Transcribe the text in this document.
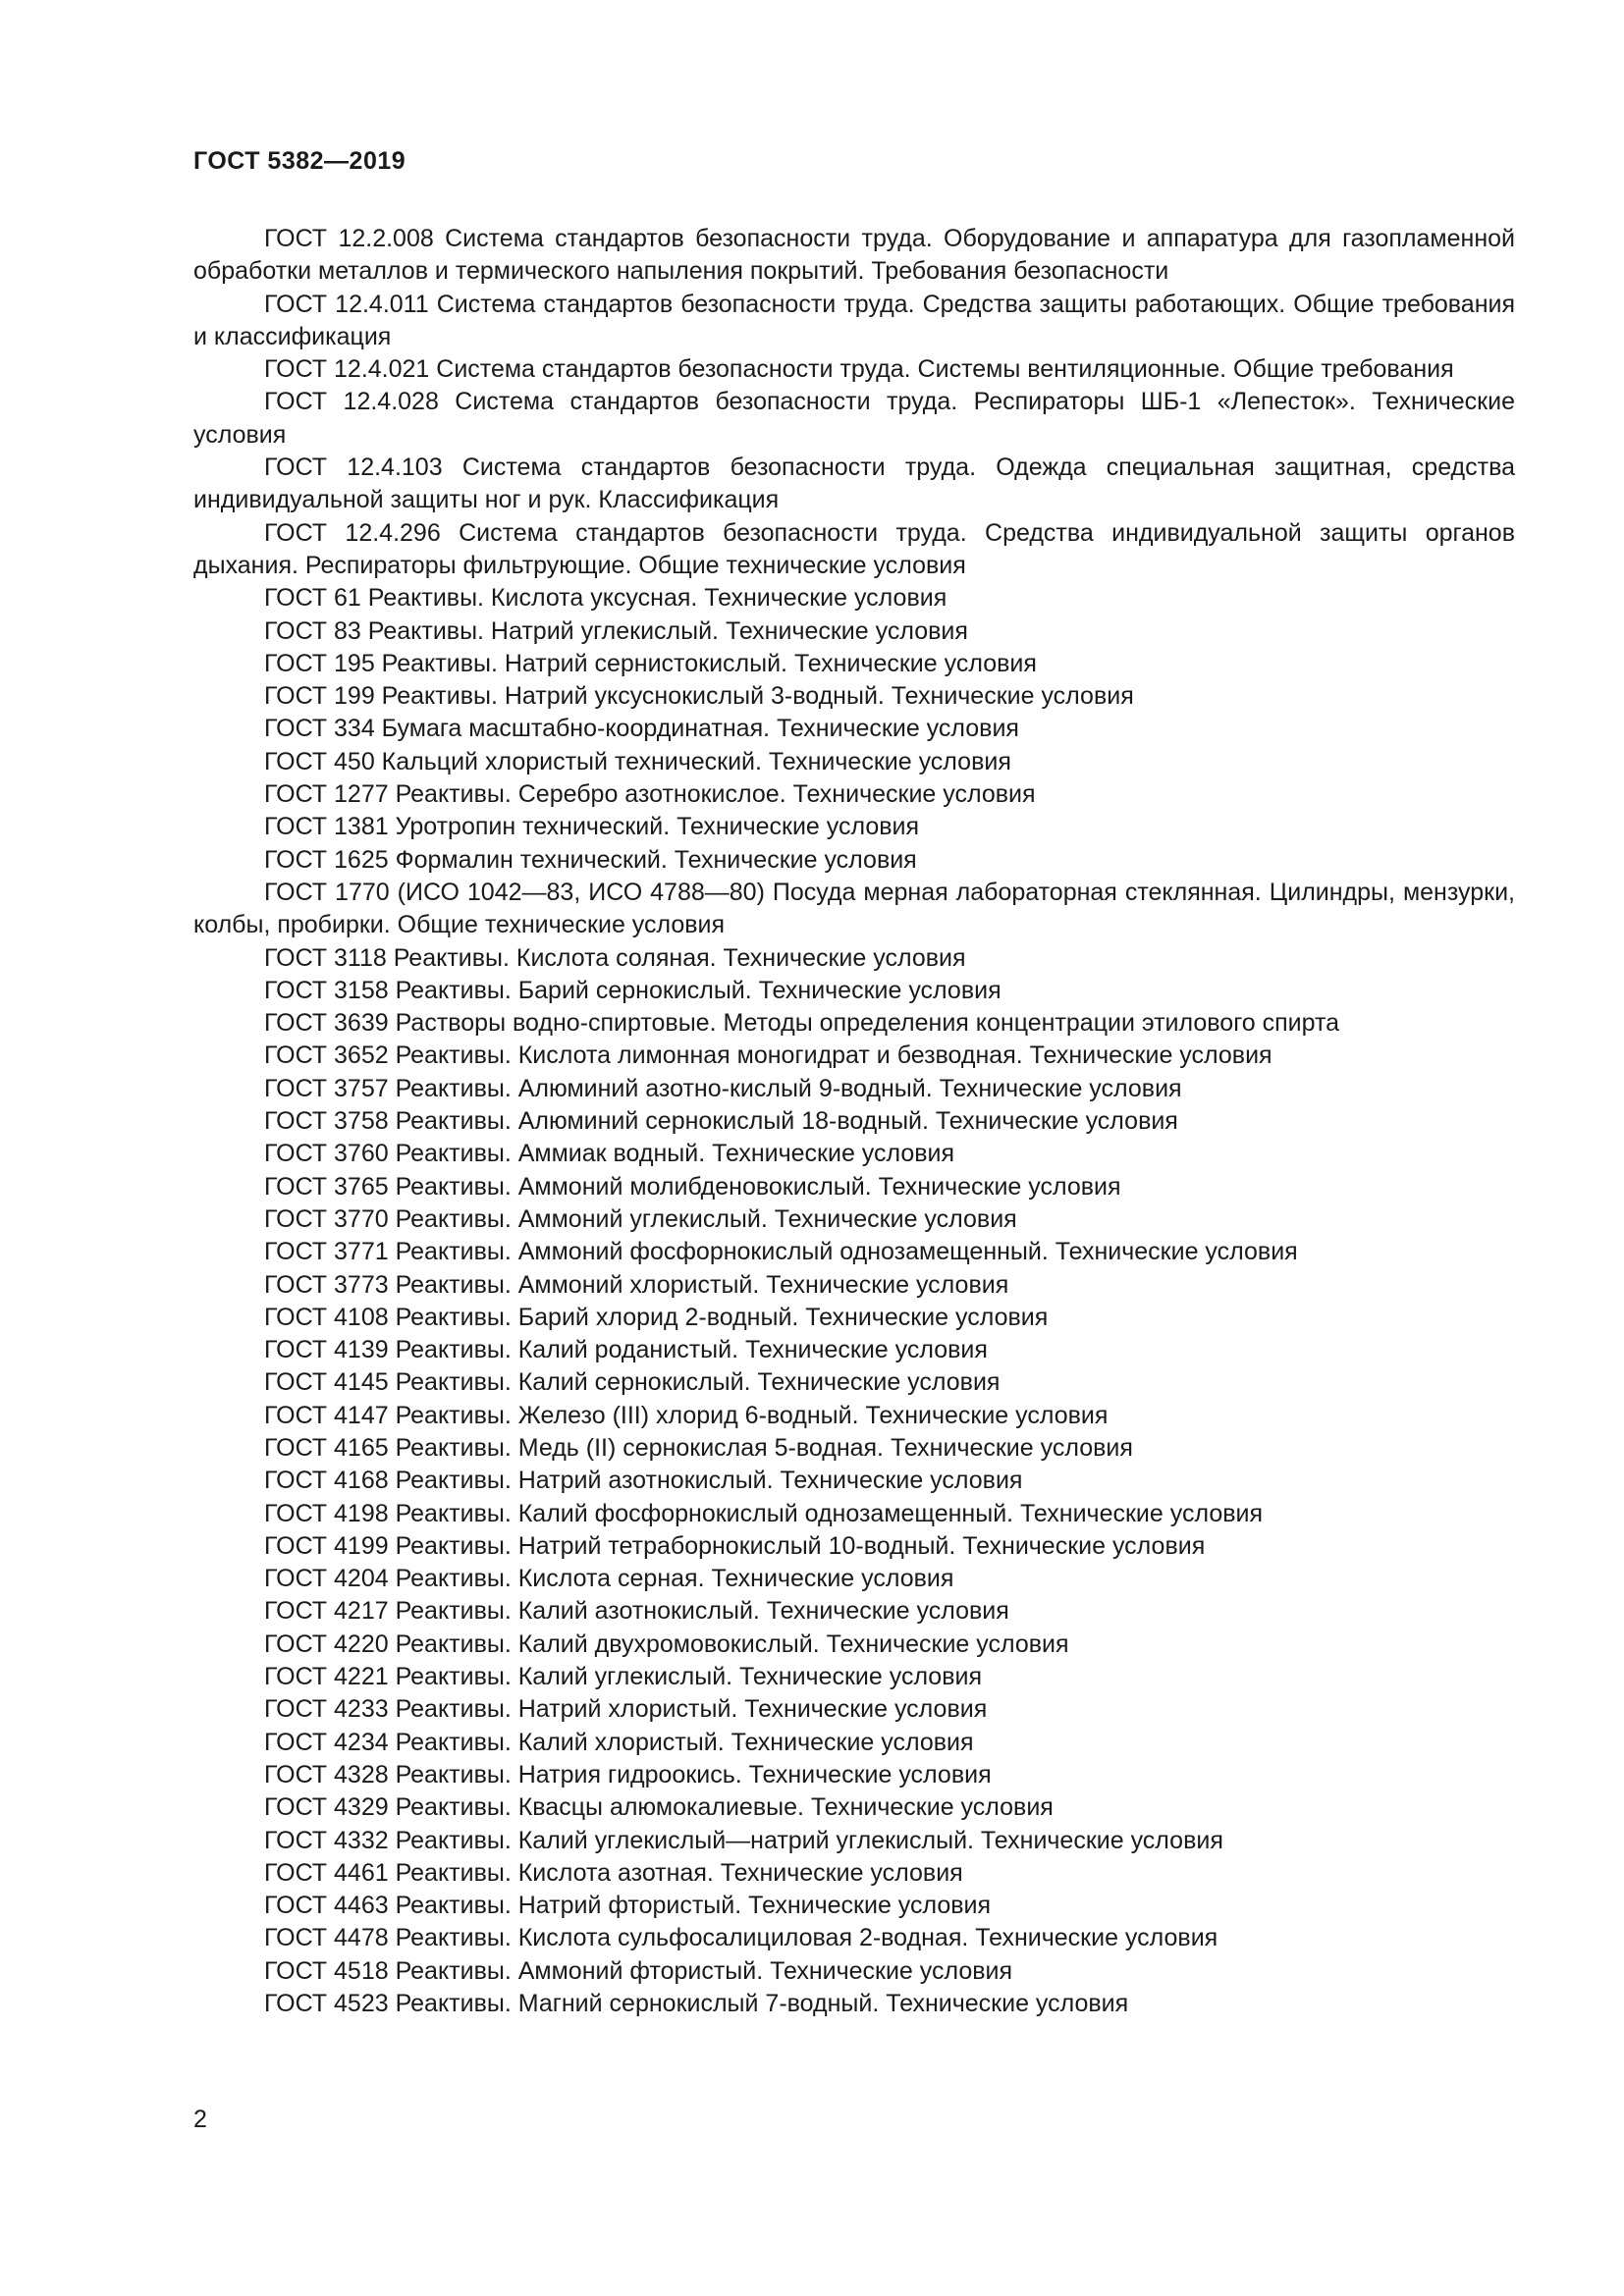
ГОСТ 5382—2019

ГОСТ 12.2.008 Система стандартов безопасности труда. Оборудование и аппаратура для газопламенной обработки металлов и термического напыления покрытий. Требования безопасности

ГОСТ 12.4.011 Система стандартов безопасности труда. Средства защиты работающих. Общие требования и классификация

ГОСТ 12.4.021 Система стандартов безопасности труда. Системы вентиляционные. Общие требования

ГОСТ 12.4.028 Система стандартов безопасности труда. Респираторы ШБ-1 «Лепесток». Технические условия

ГОСТ 12.4.103 Система стандартов безопасности труда. Одежда специальная защитная, средства индивидуальной защиты ног и рук. Классификация

ГОСТ 12.4.296 Система стандартов безопасности труда. Средства индивидуальной защиты органов дыхания. Респираторы фильтрующие. Общие технические условия

ГОСТ 61 Реактивы. Кислота уксусная. Технические условия

ГОСТ 83 Реактивы. Натрий углекислый. Технические условия

ГОСТ 195 Реактивы. Натрий сернистокислый. Технические условия

ГОСТ 199 Реактивы. Натрий уксуснокислый 3-водный. Технические условия

ГОСТ 334 Бумага масштабно-координатная. Технические условия

ГОСТ 450 Кальций хлористый технический. Технические условия

ГОСТ 1277 Реактивы. Серебро азотнокислое. Технические условия

ГОСТ 1381 Уротропин технический. Технические условия

ГОСТ 1625 Формалин технический. Технические условия

ГОСТ 1770 (ИСО 1042—83, ИСО 4788—80) Посуда мерная лабораторная стеклянная. Цилиндры, мензурки, колбы, пробирки. Общие технические условия

ГОСТ 3118 Реактивы. Кислота соляная. Технические условия

ГОСТ 3158 Реактивы. Барий сернокислый. Технические условия

ГОСТ 3639 Растворы водно-спиртовые. Методы определения концентрации этилового спирта

ГОСТ 3652 Реактивы. Кислота лимонная моногидрат и безводная. Технические условия

ГОСТ 3757 Реактивы. Алюминий азотно-кислый 9-водный. Технические условия

ГОСТ 3758 Реактивы. Алюминий сернокислый 18-водный. Технические условия

ГОСТ 3760 Реактивы. Аммиак водный. Технические условия

ГОСТ 3765 Реактивы. Аммоний молибденовокислый. Технические условия

ГОСТ 3770 Реактивы. Аммоний углекислый. Технические условия

ГОСТ 3771 Реактивы. Аммоний фосфорнокислый однозамещенный. Технические условия

ГОСТ 3773 Реактивы. Аммоний хлористый. Технические условия

ГОСТ 4108 Реактивы. Барий хлорид 2-водный. Технические условия

ГОСТ 4139 Реактивы. Калий роданистый. Технические условия

ГОСТ 4145 Реактивы. Калий сернокислый. Технические условия

ГОСТ 4147 Реактивы. Железо (III) хлорид 6-водный. Технические условия

ГОСТ 4165 Реактивы. Медь (II) сернокислая 5-водная. Технические условия

ГОСТ 4168 Реактивы. Натрий азотнокислый. Технические условия

ГОСТ 4198 Реактивы. Калий фосфорнокислый однозамещенный. Технические условия

ГОСТ 4199 Реактивы. Натрий тетраборнокислый 10-водный. Технические условия

ГОСТ 4204 Реактивы. Кислота серная. Технические условия

ГОСТ 4217 Реактивы. Калий азотнокислый. Технические условия

ГОСТ 4220 Реактивы. Калий двухромовокислый. Технические условия

ГОСТ 4221 Реактивы. Калий углекислый. Технические условия

ГОСТ 4233 Реактивы. Натрий хлористый. Технические условия

ГОСТ 4234 Реактивы. Калий хлористый. Технические условия

ГОСТ 4328 Реактивы. Натрия гидроокись. Технические условия

ГОСТ 4329 Реактивы. Квасцы алюмокалиевые. Технические условия

ГОСТ 4332 Реактивы. Калий углекислый—натрий углекислый. Технические условия

ГОСТ 4461 Реактивы. Кислота азотная. Технические условия

ГОСТ 4463 Реактивы. Натрий фтористый. Технические условия

ГОСТ 4478 Реактивы. Кислота сульфосалициловая 2-водная. Технические условия

ГОСТ 4518 Реактивы. Аммоний фтористый. Технические условия

ГОСТ 4523 Реактивы. Магний сернокислый 7-водный. Технические условия

2
